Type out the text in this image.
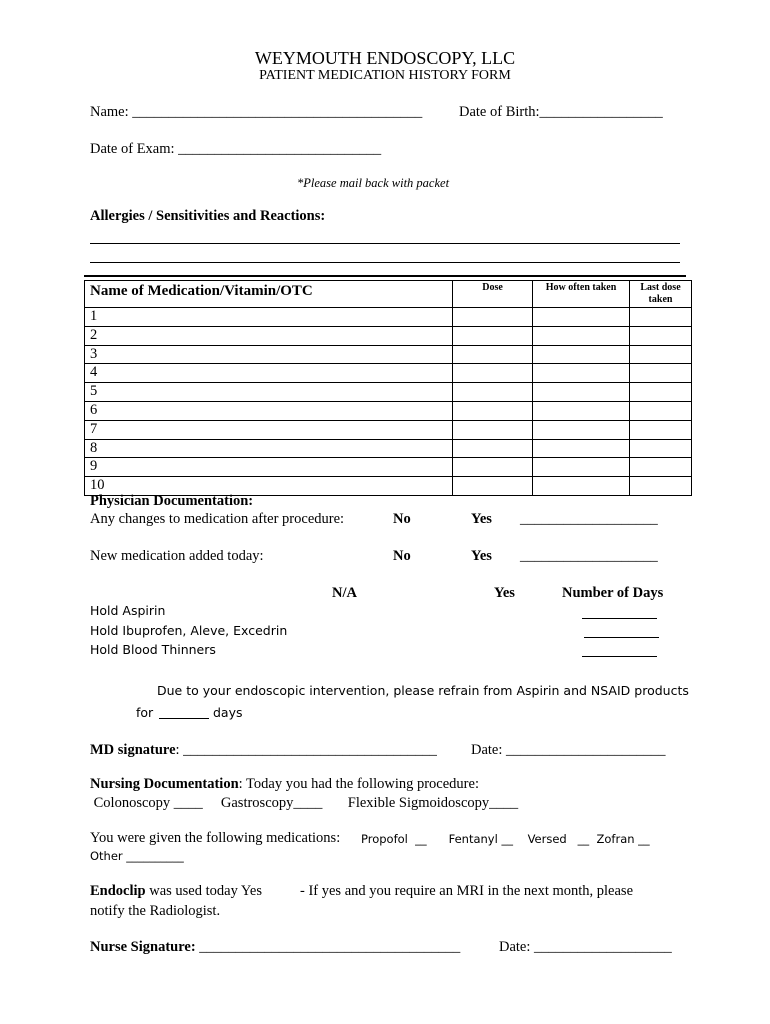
WEYMOUTH ENDOSCOPY, LLC
PATIENT MEDICATION HISTORY FORM
Name: ________________________________________	Date of Birth:_________________
Date of Exam: ____________________________
*Please mail back with packet
Allergies / Sensitivities and Reactions:
Name of Medication/Vitamin/OTC	Dose	How often taken	Last dose
taken

1			
2			
3			
4			
5			
6			
7			
8			
9			
10			
Physician Documentation:
Any changes to medication after procedure:	No	Yes ___________________
New medication added today:	No	Yes ___________________
N/A	Yes	Number of Days
Hold Aspirin
Hold Ibuprofen, Aleve, Excedrin
Hold Blood Thinners
Due to your endoscopic intervention, please refrain from Aspirin and NSAID products
for	days
MD signature: ___________________________________ Date: ______________________
Nursing Documentation: Today you had the following procedure:
Colonoscopy ____     Gastroscopy____       Flexible Sigmoidoscopy____
You were given the following medications: Propofol  __      Fentanyl __    Versed   __  Zofran __
Other __________
Endoclip was used today Yes	- If yes and you require an MRI in the next month, please
notify the Radiologist.
Nurse Signature: ____________________________________	Date: ___________________
